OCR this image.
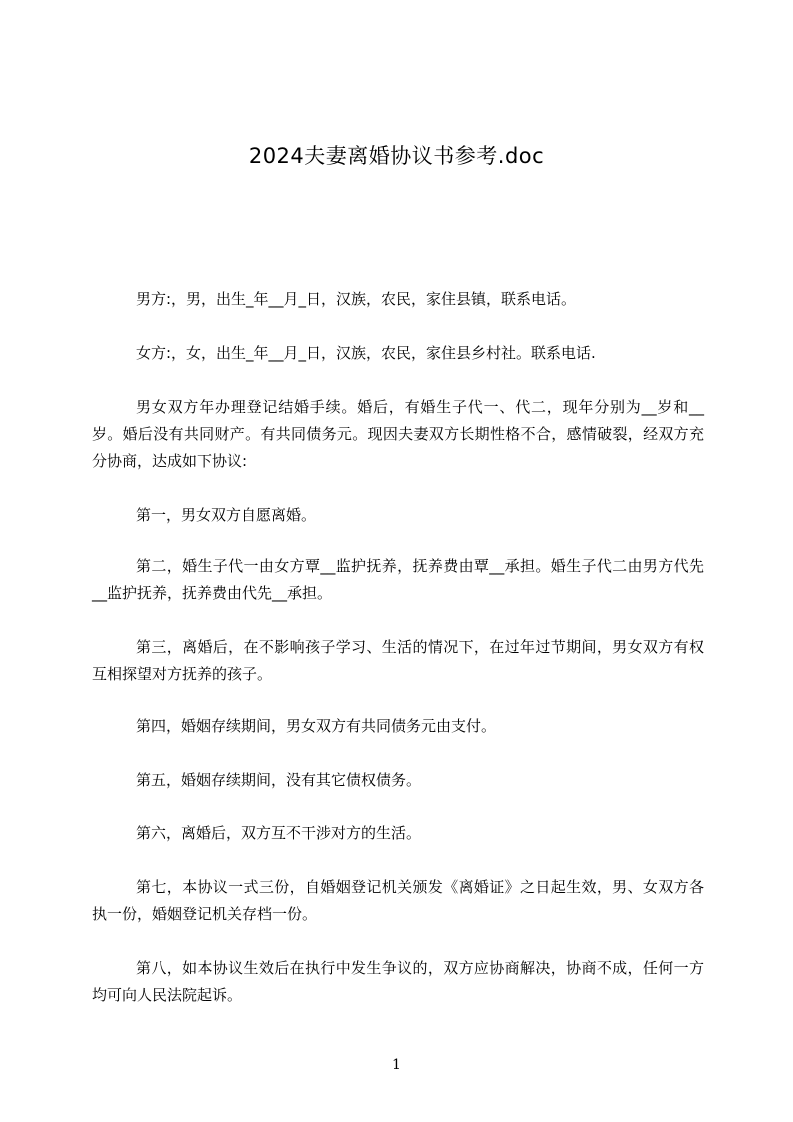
2024夫妻离婚协议书参考.doc

男方:，男，出生_年__月_日，汉族，农民，家住县镇，联系电话。

女方:，女，出生_年__月_日，汉族，农民，家住县乡村社。联系电话.

男女双方年办理登记结婚手续。婚后，有婚生子代一、代二，现年分别为__岁和__岁。婚后没有共同财产。有共同债务元。现因夫妻双方长期性格不合，感情破裂，经双方充分协商，达成如下协议:

第一，男女双方自愿离婚。

第二，婚生子代一由女方覃__监护抚养，抚养费由覃__承担。婚生子代二由男方代先__监护抚养，抚养费由代先__承担。

第三，离婚后，在不影响孩子学习、生活的情况下，在过年过节期间，男女双方有权互相探望对方抚养的孩子。

第四，婚姻存续期间，男女双方有共同债务元由支付。

第五，婚姻存续期间，没有其它债权债务。

第六，离婚后，双方互不干涉对方的生活。

第七，本协议一式三份，自婚姻登记机关颁发《离婚证》之日起生效，男、女双方各执一份，婚姻登记机关存档一份。

第八，如本协议生效后在执行中发生争议的，双方应协商解决，协商不成，任何一方均可向人民法院起诉。

1
